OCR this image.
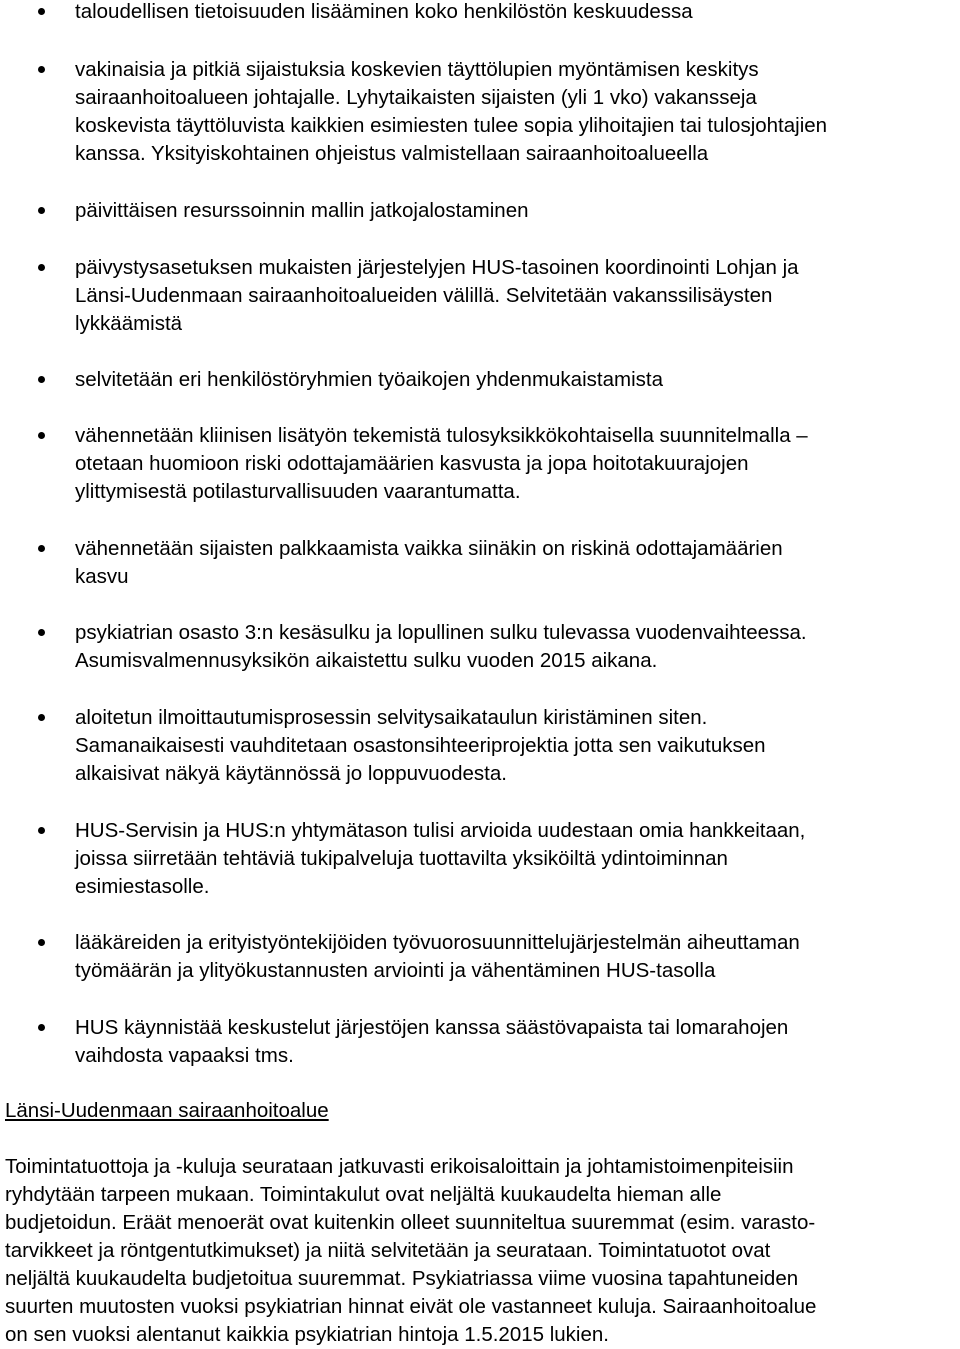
taloudellisen tietoisuuden lisääminen koko henkilöstön keskuudessa
vakinaisia ja pitkiä sijaistuksia koskevien täyttölupien myöntämisen keskitys
sairaanhoitoalueen johtajalle. Lyhytaikaisten sijaisten (yli 1 vko) vakansseja
koskevista täyttöluvista kaikkien esimiesten tulee sopia ylihoitajien tai tulosjohtajien
kanssa. Yksityiskohtainen ohjeistus valmistellaan sairaanhoitoalueella
päivittäisen resurssoinnin mallin jatkojalostaminen
päivystysasetuksen mukaisten järjestelyjen HUS-tasoinen koordinointi Lohjan ja
Länsi-Uudenmaan sairaanhoitoalueiden välillä. Selvitetään vakanssilisäysten
lykkäämistä
selvitetään eri henkilöstöryhmien työaikojen yhdenmukaistamista
vähennetään kliinisen lisätyön tekemistä tulosyksikkökohtaisella suunnitelmalla –
otetaan huomioon riski odottajamäärien kasvusta ja jopa hoitotakuurajojen
ylittymisestä potilasturvallisuuden vaarantumatta.
vähennetään sijaisten palkkaamista vaikka siinäkin on riskinä odottajamäärien
kasvu
psykiatrian osasto 3:n kesäsulku ja lopullinen sulku tulevassa vuodenvaihteessa.
Asumisvalmennusyksikön aikaistettu sulku vuoden 2015 aikana.
aloitetun ilmoittautumisprosessin selvitysaikataulun kiristäminen siten.
Samanaikaisesti vauhditetaan osastonsihteeriprojektia jotta sen vaikutuksen
alkaisivat näkyä käytännössä jo loppuvuodesta.
HUS-Servisin ja HUS:n yhtymätason tulisi arvioida uudestaan omia hankkeitaan,
joissa siirretään tehtäviä tukipalveluja tuottavilta yksiköiltä ydintoiminnan
esimiestasolle.
lääkäreiden ja erityistyöntekijöiden työvuorosuunnittelujärjestelmän aiheuttaman
työmäärän ja ylityökustannusten arviointi ja vähentäminen HUS-tasolla
HUS käynnistää keskustelut järjestöjen kanssa säästövapaista tai lomarahojen
vaihdosta vapaaksi tms.
Länsi-Uudenmaan sairaanhoitoalue

Toimintatuottoja ja -kuluja seurataan jatkuvasti erikoisaloittain ja johtamistoimenpiteisiin
ryhdytään tarpeen mukaan. Toimintakulut ovat neljältä kuukaudelta hieman alle
budjetoidun. Eräät menoerät ovat kuitenkin olleet suunniteltua suuremmat (esim. varasto-
tarvikkeet ja röntgentutkimukset) ja niitä selvitetään ja seurataan. Toimintatuotot ovat
neljältä kuukaudelta budjetoitua suuremmat. Psykiatriassa viime vuosina tapahtuneiden
suurten muutosten vuoksi psykiatrian hinnat eivät ole vastanneet kuluja. Sairaanhoitoalue
on sen vuoksi alentanut kaikkia psykiatrian hintoja 1.5.2015 lukien.
